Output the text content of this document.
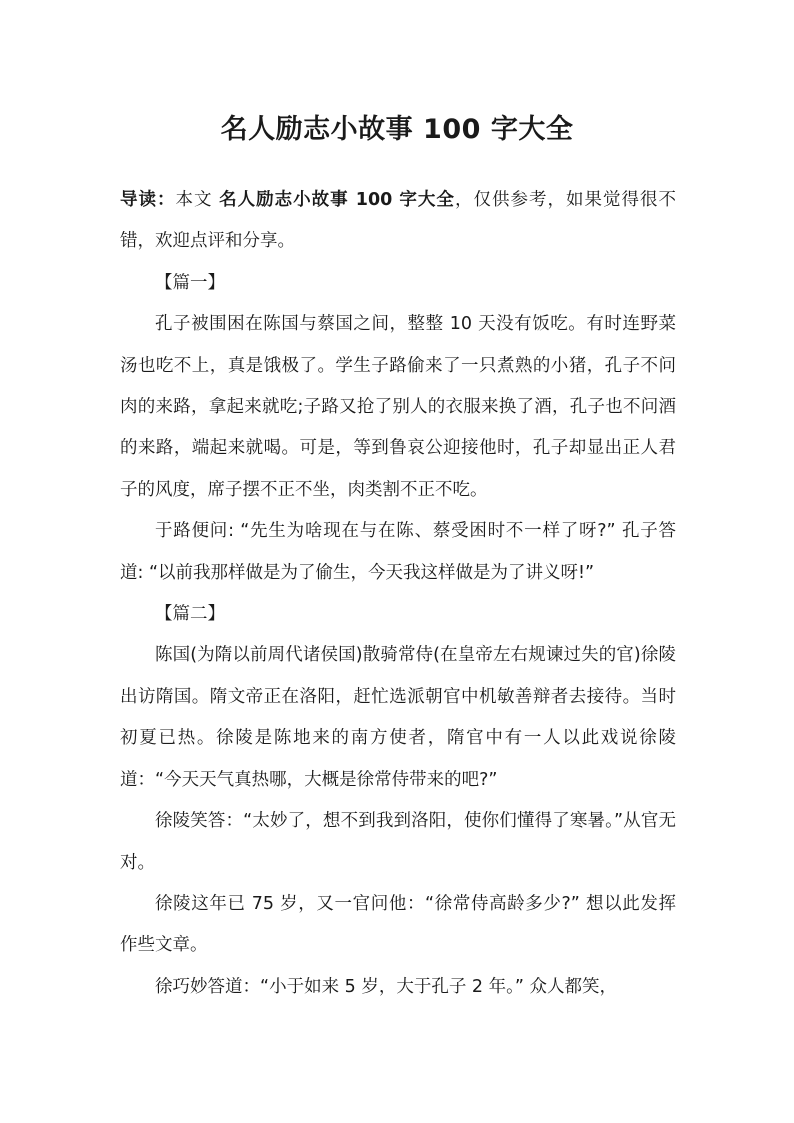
名人励志小故事 100 字大全

导读：本文 名人励志小故事 100 字大全，仅供参考，如果觉得很不错，欢迎点评和分享。

【篇一】

孔子被围困在陈国与蔡国之间，整整 10 天没有饭吃。有时连野菜汤也吃不上，真是饿极了。学生子路偷来了一只煮熟的小猪，孔子不问肉的来路，拿起来就吃;子路又抢了别人的衣服来换了酒，孔子也不问酒的来路，端起来就喝。可是，等到鲁哀公迎接他时，孔子却显出正人君子的风度，席子摆不正不坐，肉类割不正不吃。

于路便问: “先生为啥现在与在陈、蔡受困时不一样了呀?” 孔子答道: “以前我那样做是为了偷生，今天我这样做是为了讲义呀!”

【篇二】

陈国(为隋以前周代诸侯国)散骑常侍(在皇帝左右规谏过失的官)徐陵出访隋国。隋文帝正在洛阳，赶忙选派朝官中机敏善辩者去接待。当时初夏已热。徐陵是陈地来的南方使者，隋官中有一人以此戏说徐陵道：“今天天气真热哪，大概是徐常侍带来的吧?”

徐陵笑答：“太妙了，想不到我到洛阳，使你们懂得了寒暑。”从官无对。

徐陵这年已 75 岁，又一官问他：“徐常侍高龄多少?” 想以此发挥作些文章。

徐巧妙答道：“小于如来 5 岁，大于孔子 2 年。” 众人都笑，
